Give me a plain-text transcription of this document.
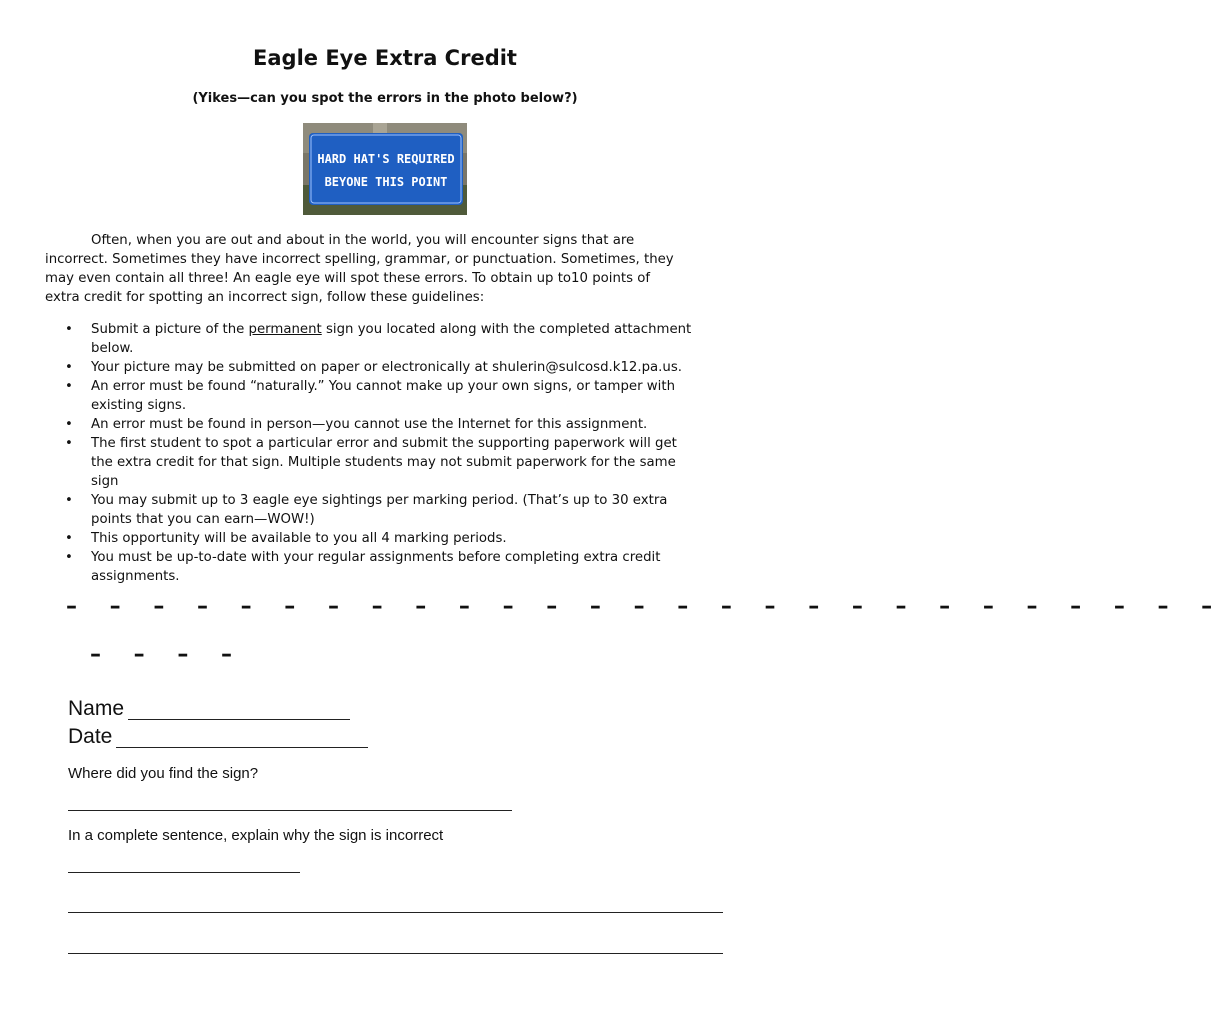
Eagle Eye Extra Credit
(Yikes—can you spot the errors in the photo below?)
HARD HAT'S REQUIRED
BEYONE THIS POINT
Often, when you are out and about in the world, you will encounter signs that are
incorrect. Sometimes they have incorrect spelling, grammar, or punctuation. Sometimes, they
may even contain all three! An eagle eye will spot these errors. To obtain up to10 points of
extra credit for spotting an incorrect sign, follow these guidelines:
• Submit a picture of the permanent sign you located along with the completed attachment
below.
• Your picture may be submitted on paper or electronically at shulerin@sulcosd.k12.pa.us.
• An error must be found “naturally.” You cannot make up your own signs, or tamper with
existing signs.
• An error must be found in person—you cannot use the Internet for this assignment.
• The first student to spot a particular error and submit the supporting paperwork will get
the extra credit for that sign. Multiple students may not submit paperwork for the same
sign
• You may submit up to 3 eagle eye sightings per marking period. (That’s up to 30 extra
points that you can earn—WOW!)
• This opportunity will be available to you all 4 marking periods.
• You must be up-to-date with your regular assignments before completing extra credit
assignments.
– – – – – – – – – – – – – – – – – – – – – – – – – – –
– – – –
Name
Date
Where did you find the sign?
In a complete sentence, explain why the sign is incorrect
